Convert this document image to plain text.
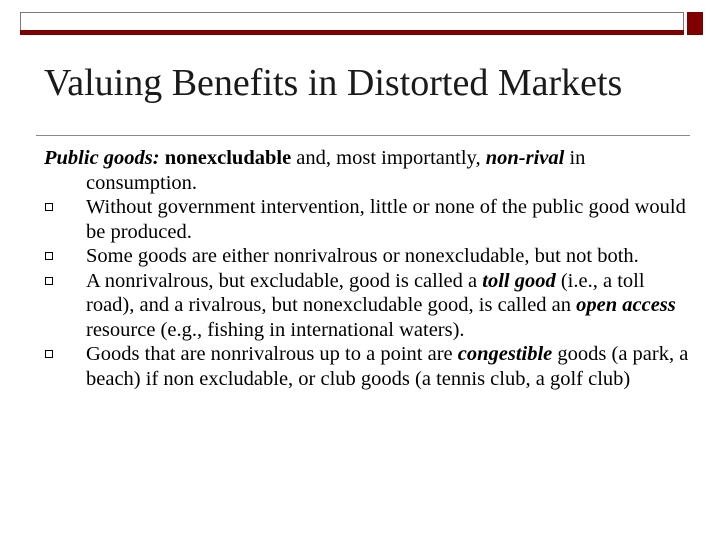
Valuing Benefits in Distorted Markets

Public goods: nonexcludable and, most importantly, non-rival in consumption.

Without government intervention, little or none of the public good would be produced.

Some goods are either nonrivalrous or nonexcludable, but not both.

A nonrivalrous, but excludable, good is called a toll good (i.e., a toll road), and a rivalrous, but nonexcludable good, is called an open access resource (e.g., fishing in international waters).

Goods that are nonrivalrous up to a point are congestible goods (a park, a beach) if non excludable, or club goods (a tennis club, a golf club)
